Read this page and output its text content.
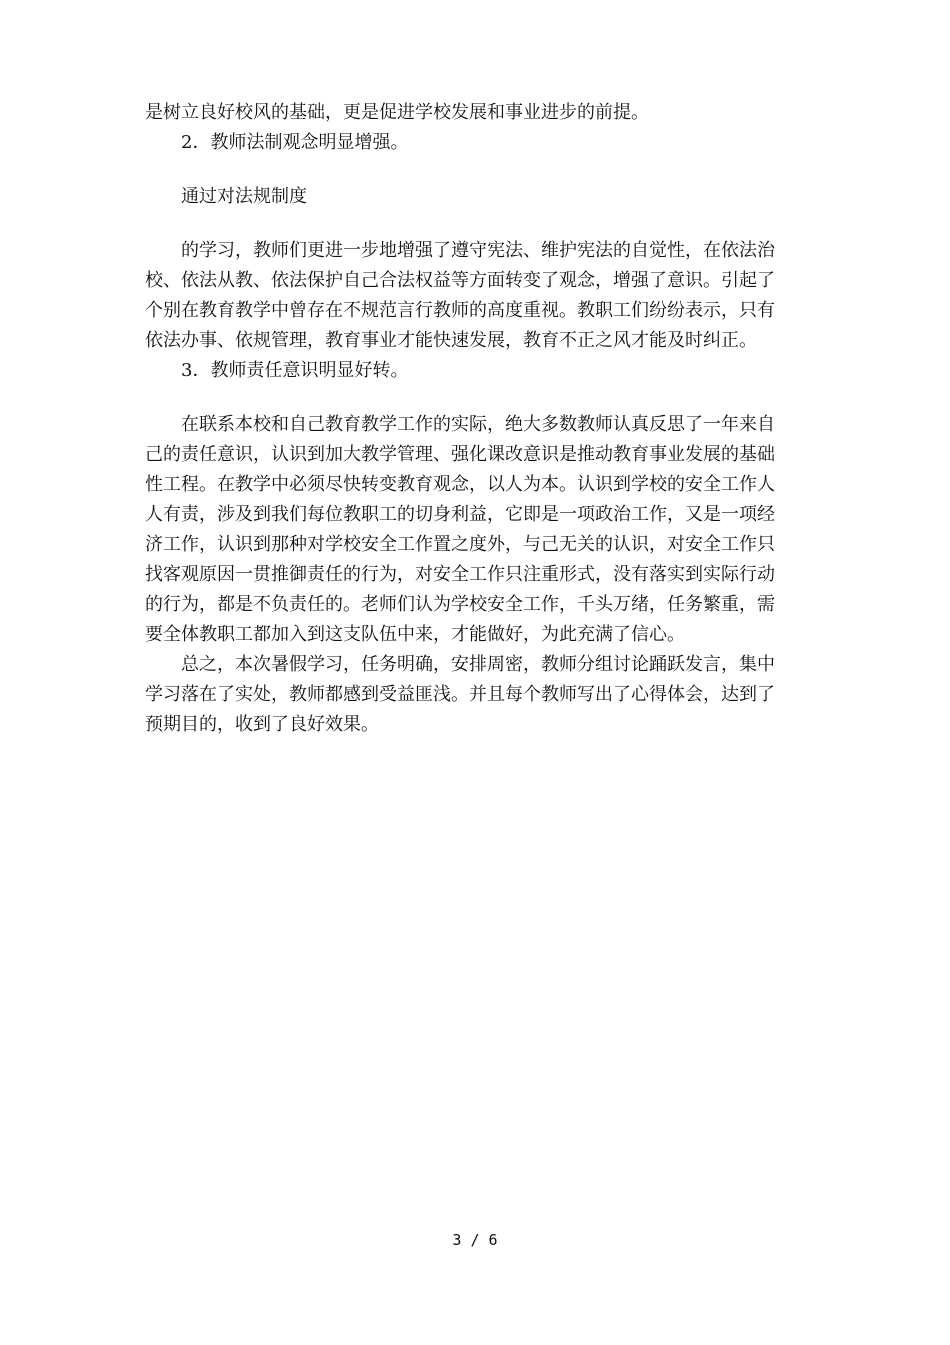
是树立良好校风的基础，更是促进学校发展和事业进步的前提。
2．教师法制观念明显增强。
通过对法规制度
的学习，教师们更进一步地增强了遵守宪法、维护宪法的自觉性，在依法治
校、依法从教、依法保护自己合法权益等方面转变了观念，增强了意识。引起了
个别在教育教学中曾存在不规范言行教师的高度重视。教职工们纷纷表示，只有
依法办事、依规管理，教育事业才能快速发展，教育不正之风才能及时纠正。
3．教师责任意识明显好转。
在联系本校和自己教育教学工作的实际，绝大多数教师认真反思了一年来自
己的责任意识，认识到加大教学管理、强化课改意识是推动教育事业发展的基础
性工程。在教学中必须尽快转变教育观念，以人为本。认识到学校的安全工作人
人有责，涉及到我们每位教职工的切身利益，它即是一项政治工作，又是一项经
济工作，认识到那种对学校安全工作置之度外，与己无关的认识，对安全工作只
找客观原因一贯推御责任的行为，对安全工作只注重形式，没有落实到实际行动
的行为，都是不负责任的。老师们认为学校安全工作，千头万绪，任务繁重，需
要全体教职工都加入到这支队伍中来，才能做好，为此充满了信心。
总之，本次暑假学习，任务明确，安排周密，教师分组讨论踊跃发言，集中
学习落在了实处，教师都感到受益匪浅。并且每个教师写出了心得体会，达到了
预期目的，收到了良好效果。
3 / 6
